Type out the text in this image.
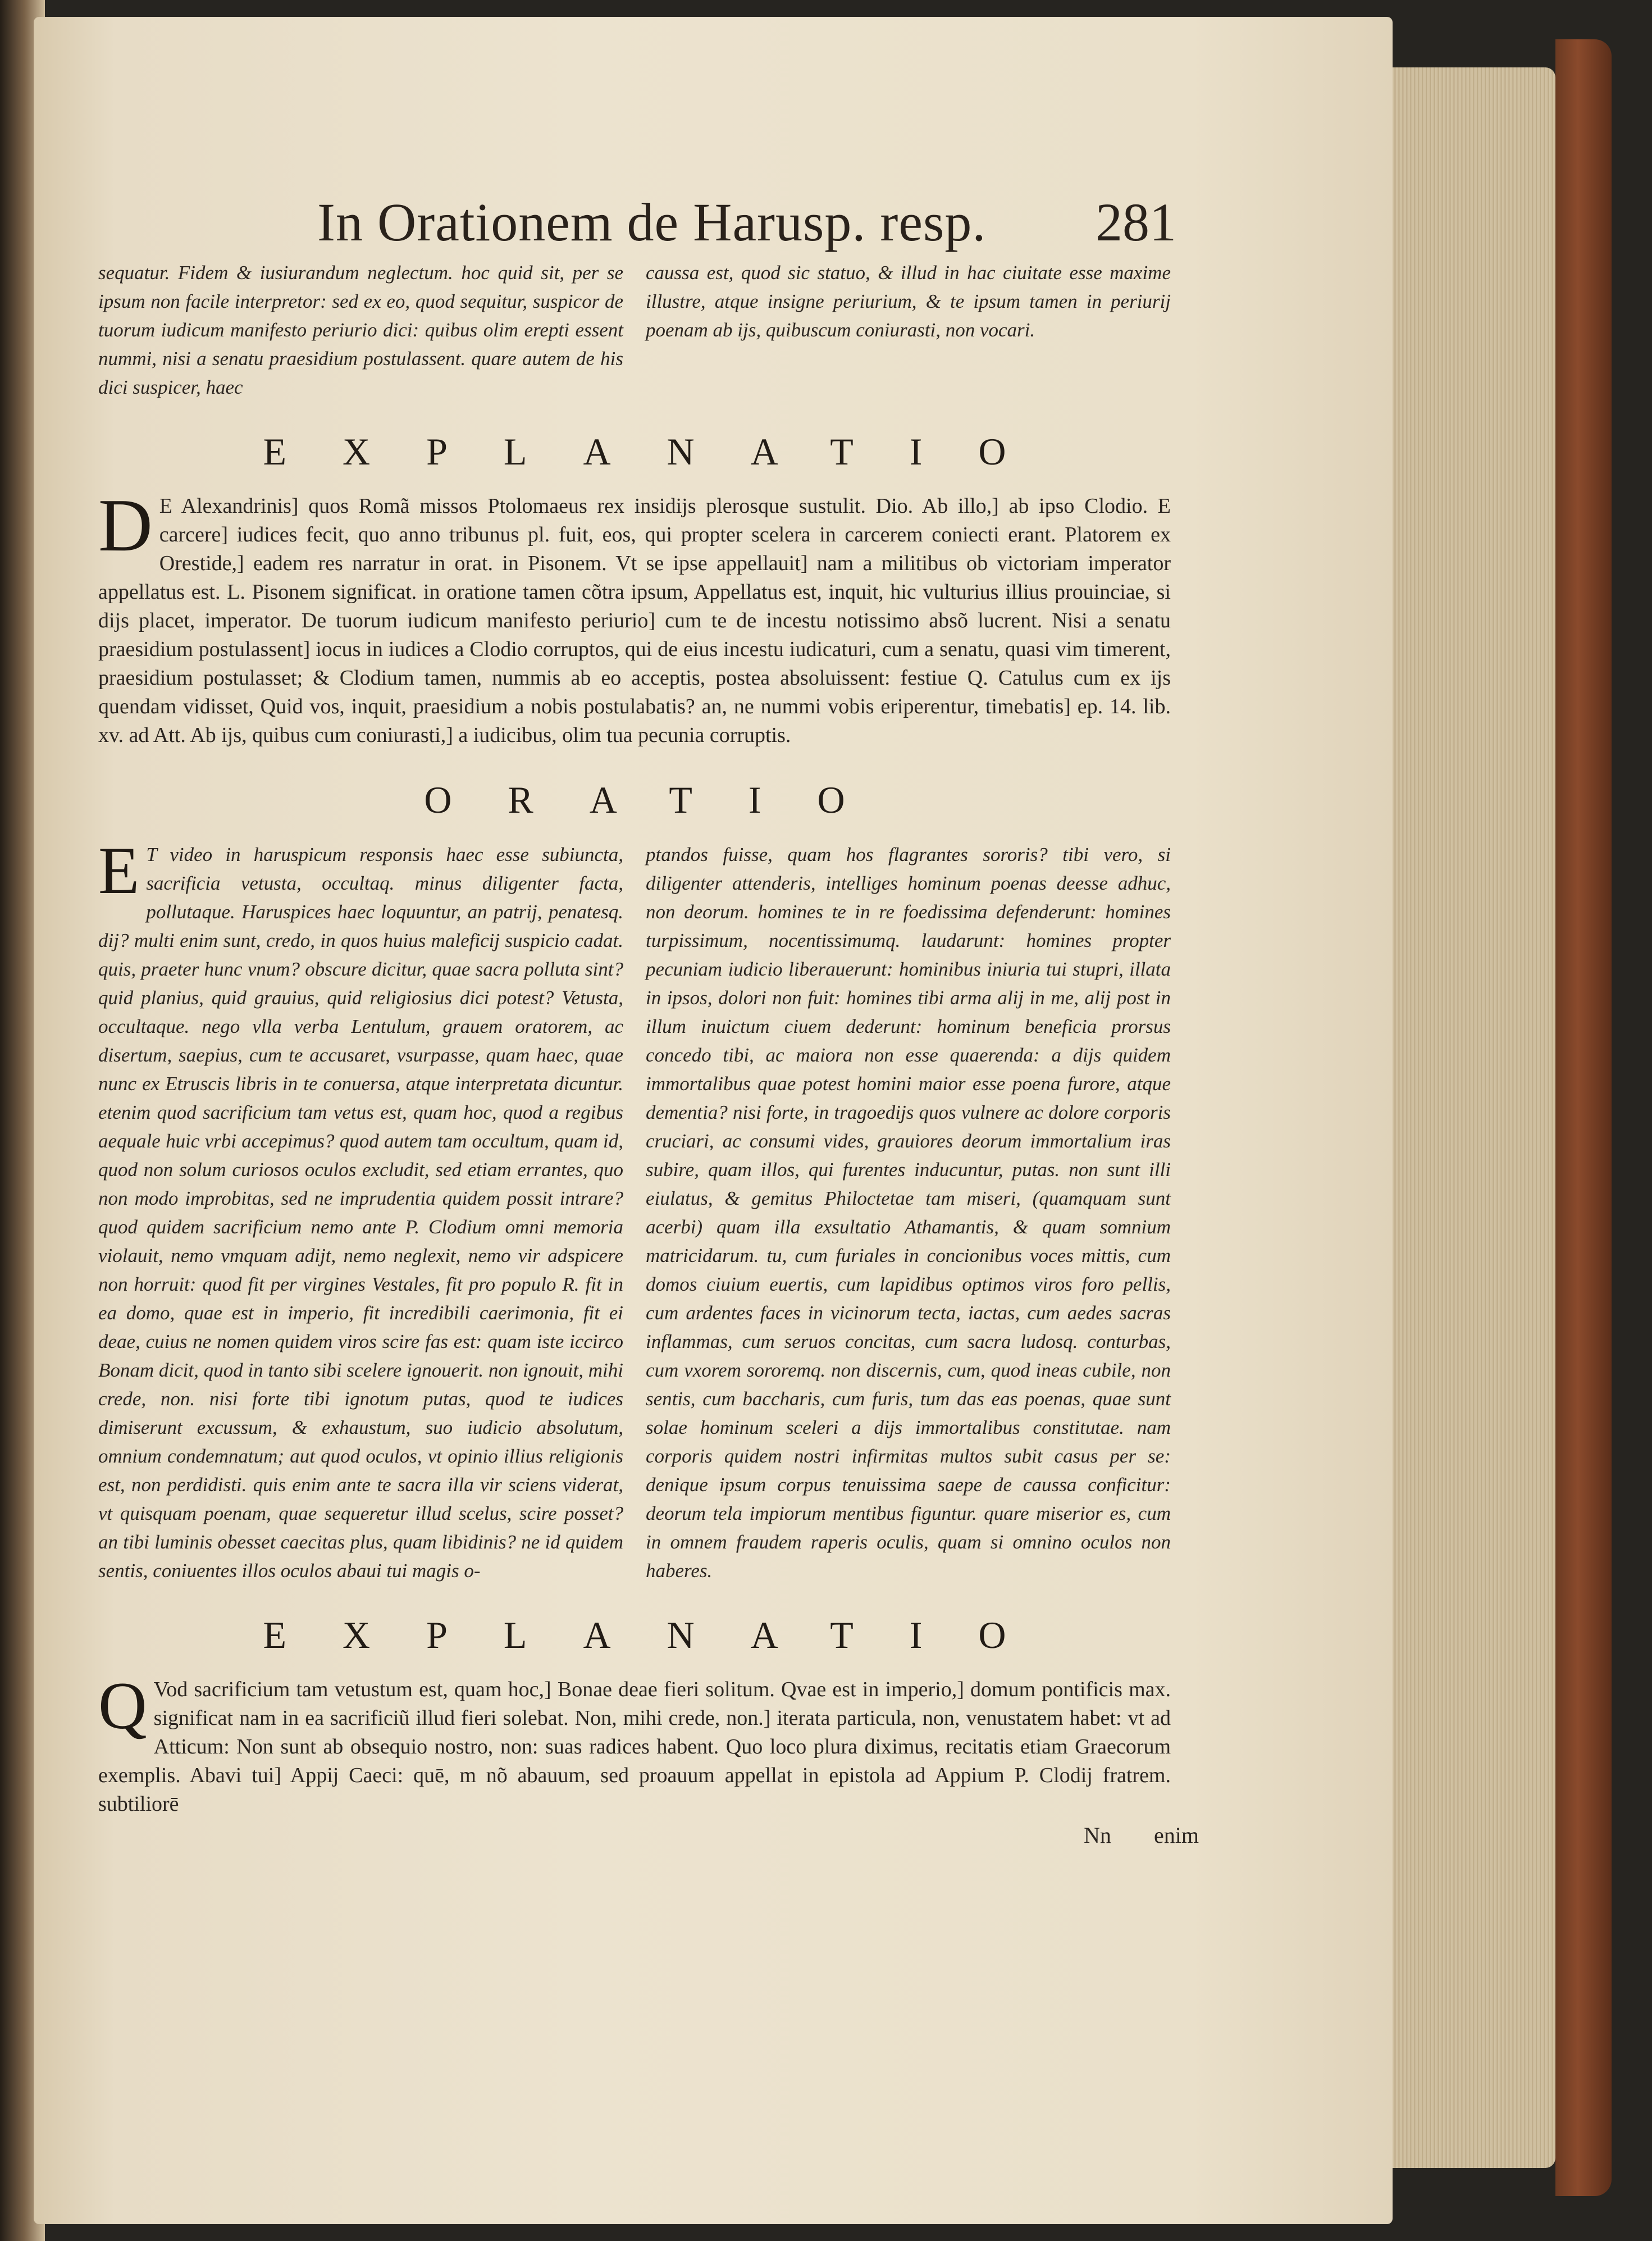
In Orationem de Harusp. resp. 281

sequatur. Fidem & iusiurandum neglectum. hoc quid sit, per se ipsum non facile interpretor: sed ex eo, quod sequitur, suspicor de tuorum iudicum manifesto periurio dici: quibus olim erepti essent nummi, nisi a senatu praesidium postulassent. quare autem de his dici suspicer, haec

caussa est, quod sic statuo, & illud in hac ciuitate esse maxime illustre, atque insigne periurium, & te ipsum tamen in periurij poenam ab ijs, quibuscum coniurasti, non vocari.

EXPLANATIO
D E Alexandrinis] quos Romã missos Ptolomaeus rex insidijs plerosque sustulit. Dio. Ab illo,] ab ipso Clodio. E carcere] iudices fecit, quo anno tribunus pl. fuit, eos, qui propter scelera in carcerem coniecti erant. Platorem ex Orestide,] eadem res narratur in orat. in Pisonem. Vt se ipse appellauit] nam a militibus ob victoriam imperator appellatus est. L. Pisonem significat. in oratione tamen cõtra ipsum, Appellatus est, inquit, hic vulturius illius prouinciae, si dijs placet, imperator. De tuorum iudicum manifesto periurio] cum te de incestu notissimo absõ lucrent. Nisi a senatu praesidium postulassent] iocus in iudices a Clodio corruptos, qui de eius incestu iudicaturi, cum a senatu, quasi vim timerent, praesidium postulasset; & Clodium tamen, nummis ab eo acceptis, postea absoluissent: festiue Q. Catulus cum ex ijs quendam vidisset, Quid vos, inquit, praesidium a nobis postulabatis? an, ne nummi vobis eriperentur, timebatis] ep. 14. lib. xv. ad Att. Ab ijs, quibus cum coniurasti,] a iudicibus, olim tua pecunia corruptis.

ORATIO
E T video in haruspicum responsis haec esse subiuncta, sacrificia vetusta, occultaq. minus diligenter facta, pollutaque. Haruspices haec loquuntur, an patrij, penatesq. dij? multi enim sunt, credo, in quos huius maleficij suspicio cadat. quis, praeter hunc vnum? obscure dicitur, quae sacra polluta sint? quid planius, quid grauius, quid religiosius dici potest? Vetusta, occultaque. nego vlla verba Lentulum, grauem oratorem, ac disertum, saepius, cum te accusaret, vsurpasse, quam haec, quae nunc ex Etruscis libris in te conuersa, atque interpretata dicuntur. etenim quod sacrificium tam vetus est, quam hoc, quod a regibus aequale huic vrbi accepimus? quod autem tam occultum, quam id, quod non solum curiosos oculos excludit, sed etiam errantes, quo non modo improbitas, sed ne imprudentia quidem possit intrare? quod quidem sacrificium nemo ante P. Clodium omni memoria violauit, nemo vmquam adijt, nemo neglexit, nemo vir adspicere non horruit: quod fit per virgines Vestales, fit pro populo R. fit in ea domo, quae est in imperio, fit incredibili caerimonia, fit ei deae, cuius ne nomen quidem viros scire fas est: quam iste iccirco Bonam dicit, quod in tanto sibi scelere ignouerit. non ignouit, mihi crede, non. nisi forte tibi ignotum putas, quod te iudices dimiserunt excussum, & exhaustum, suo iudicio absolutum, omnium condemnatum; aut quod oculos, vt opinio illius religionis est, non perdidisti. quis enim ante te sacra illa vir sciens viderat, vt quisquam poenam, quae sequeretur illud scelus, scire posset? an tibi luminis obesset caecitas plus, quam libidinis? ne id quidem sentis, coniuentes illos oculos abaui tui magis o-

ptandos fuisse, quam hos flagrantes sororis? tibi vero, si diligenter attenderis, intelliges hominum poenas deesse adhuc, non deorum. homines te in re foedissima defenderunt: homines turpissimum, nocentissimumq. laudarunt: homines propter pecuniam iudicio liberauerunt: hominibus iniuria tui stupri, illata in ipsos, dolori non fuit: homines tibi arma alij in me, alij post in illum inuictum ciuem dederunt: hominum beneficia prorsus concedo tibi, ac maiora non esse quaerenda: a dijs quidem immortalibus quae potest homini maior esse poena furore, atque dementia? nisi forte, in tragoedijs quos vulnere ac dolore corporis cruciari, ac consumi vides, grauiores deorum immortalium iras subire, quam illos, qui furentes inducuntur, putas. non sunt illi eiulatus, & gemitus Philoctetae tam miseri, (quamquam sunt acerbi) quam illa exsultatio Athamantis, & quam somnium matricidarum. tu, cum furiales in concionibus voces mittis, cum domos ciuium euertis, cum lapidibus optimos viros foro pellis, cum ardentes faces in vicinorum tecta, iactas, cum aedes sacras inflammas, cum seruos concitas, cum sacra ludosq. conturbas, cum vxorem sororemq. non discernis, cum, quod ineas cubile, non sentis, cum baccharis, cum furis, tum das eas poenas, quae sunt solae hominum sceleri a dijs immortalibus constitutae. nam corporis quidem nostri infirmitas multos subit casus per se: denique ipsum corpus tenuissima saepe de caussa conficitur: deorum tela impiorum mentibus figuntur. quare miserior es, cum in omnem fraudem raperis oculis, quam si omnino oculos non haberes.

EXPLANATIO
Q Vod sacrificium tam vetustum est, quam hoc,] Bonae deae fieri solitum. Qvae est in imperio,] domum pontificis max. significat nam in ea sacrificiũ illud fieri solebat. Non, mihi crede, non.] iterata particula, non, venustatem habet: vt ad Atticum: Non sunt ab obsequio nostro, non: suas radices habent. Quo loco plura diximus, recitatis etiam Graecorum exemplis. Abavi tui] Appij Caeci: quē, m nõ abauum, sed proauum appellat in epistola ad Appium P. Clodij fratrem. subtiliorē

Nn enim
